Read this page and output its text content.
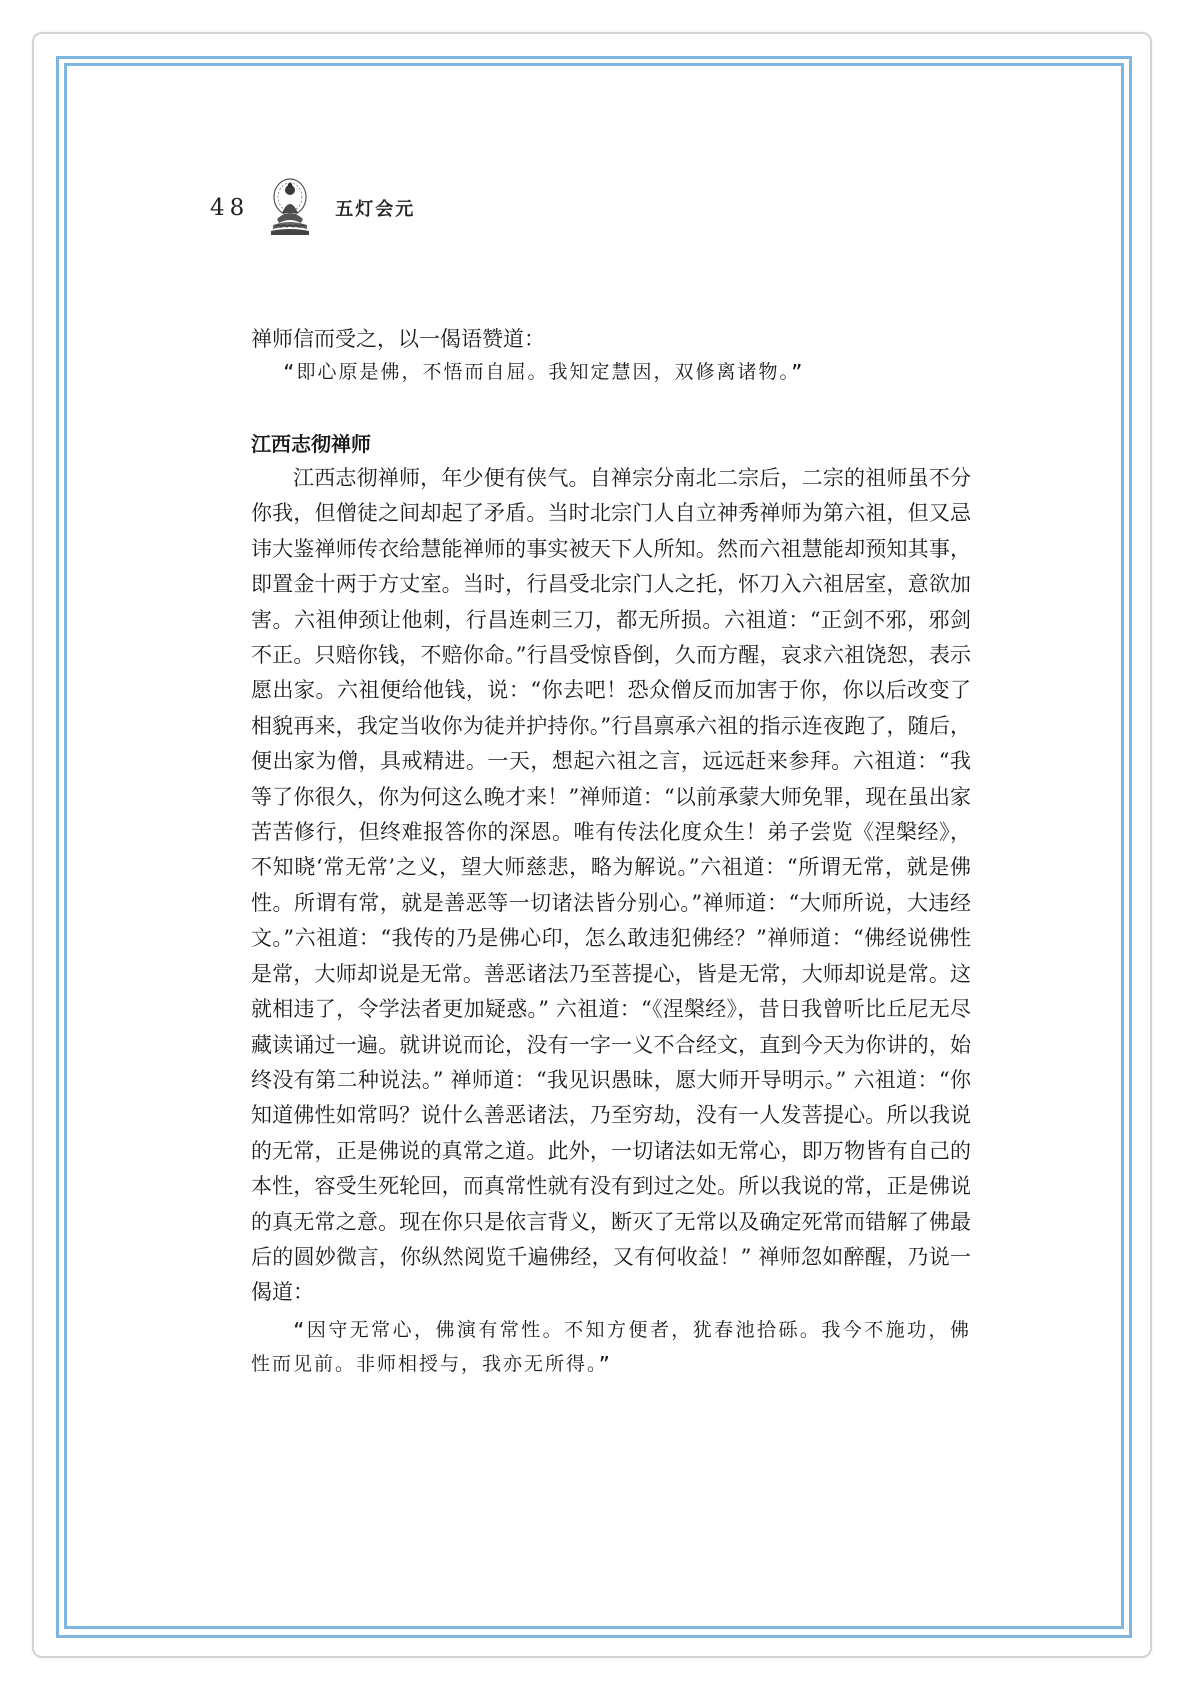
48	五灯会元

禅师信而受之，以一偈语赞道：

“即心原是佛，不悟而自屈。我知定慧因，双修离诸物。”

江西志彻禅师

江西志彻禅师，年少便有侠气。自禅宗分南北二宗后，二宗的祖师虽不分你我，但僧徒之间却起了矛盾。当时北宗门人自立神秀禅师为第六祖，但又忌讳大鉴禅师传衣给慧能禅师的事实被天下人所知。然而六祖慧能却预知其事，即置金十两于方丈室。当时，行昌受北宗门人之托，怀刀入六祖居室，意欲加害。六祖伸颈让他刺，行昌连刺三刀，都无所损。六祖道：“正剑不邪，邪剑不正。只赔你钱，不赔你命。”行昌受惊昏倒，久而方醒，哀求六祖饶恕，表示愿出家。六祖便给他钱，说：“你去吧！恐众僧反而加害于你，你以后改变了相貌再来，我定当收你为徒并护持你。”行昌禀承六祖的指示连夜跑了，随后，便出家为僧，具戒精进。一天，想起六祖之言，远远赶来参拜。六祖道：“我等了你很久，你为何这么晚才来！”禅师道：“以前承蒙大师免罪，现在虽出家苦苦修行，但终难报答你的深恩。唯有传法化度众生！弟子尝览《涅槃经》，不知晓‘常无常’之义，望大师慈悲，略为解说。”六祖道：“所谓无常，就是佛性。所谓有常，就是善恶等一切诸法皆分别心。”禅师道：“大师所说，大违经文。”六祖道：“我传的乃是佛心印，怎么敢违犯佛经？”禅师道：“佛经说佛性是常，大师却说是无常。善恶诸法乃至菩提心，皆是无常，大师却说是常。这就相违了，令学法者更加疑惑。” 六祖道：“《涅槃经》，昔日我曾听比丘尼无尽藏读诵过一遍。就讲说而论，没有一字一义不合经文，直到今天为你讲的，始终没有第二种说法。” 禅师道：“我见识愚昧，愿大师开导明示。” 六祖道：“你知道佛性如常吗？说什么善恶诸法，乃至穷劫，没有一人发菩提心。所以我说的无常，正是佛说的真常之道。此外，一切诸法如无常心，即万物皆有自己的本性，容受生死轮回，而真常性就有没有到过之处。所以我说的常，正是佛说的真无常之意。现在你只是依言背义，断灭了无常以及确定死常而错解了佛最后的圆妙微言，你纵然阅览千遍佛经，又有何收益！” 禅师忽如醉醒，乃说一偈道：

“因守无常心，佛演有常性。不知方便者，犹春池拾砾。我今不施功，佛性而见前。非师相授与，我亦无所得。”
